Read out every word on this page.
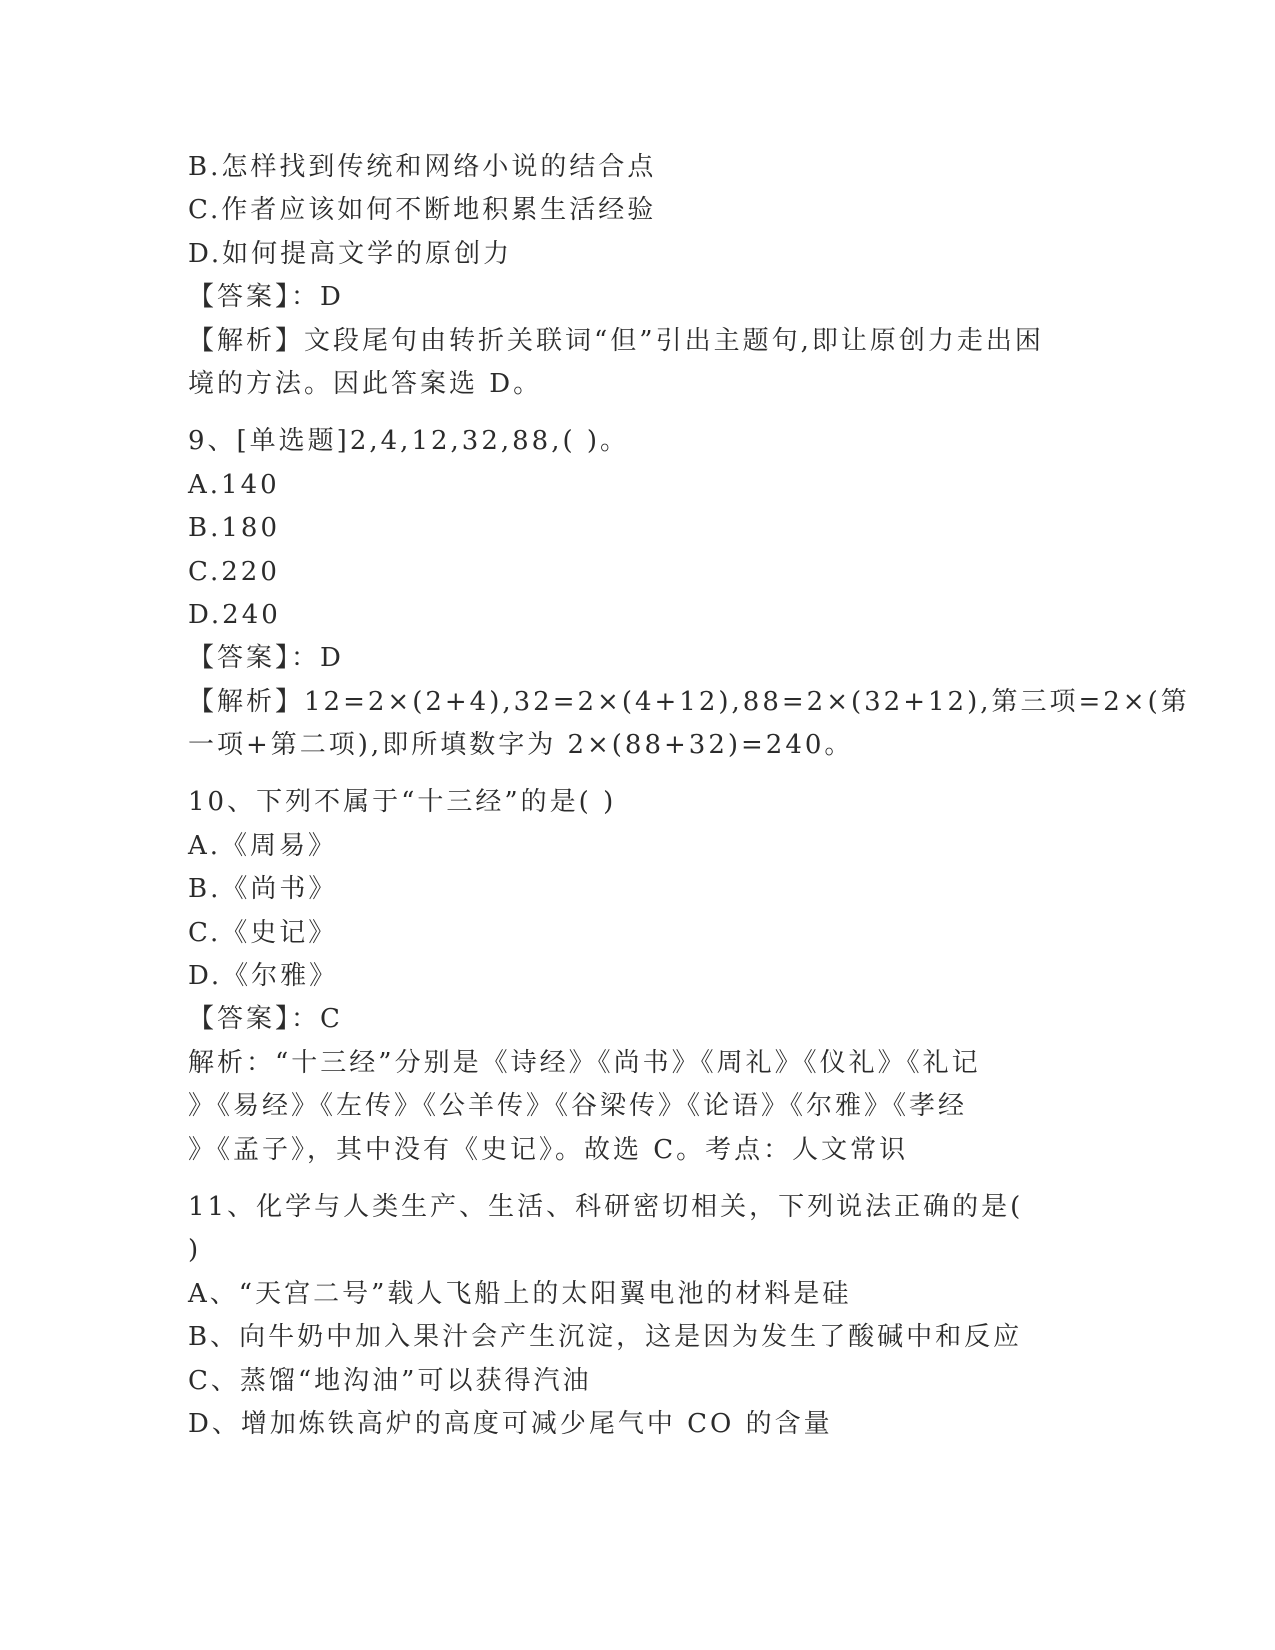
B.怎样找到传统和网络小说的结合点
C.作者应该如何不断地积累生活经验
D.如何提高文学的原创力
【答案】：D
【解析】文段尾句由转折关联词“但”引出主题句,即让原创力走出困
境的方法。因此答案选 D。
9、[单选题]2,4,12,32,88,( )。
A.140
B.180
C.220
D.240
【答案】：D
【解析】12=2×(2+4),32=2×(4+12),88=2×(32+12),第三项=2×(第
一项+第二项),即所填数字为 2×(88+32)=240。
10、下列不属于“十三经”的是( )
A.《周易》
B.《尚书》
C.《史记》
D.《尔雅》
【答案】：C
解析：“十三经”分别是《诗经》《尚书》《周礼》《仪礼》《礼记
》《易经》《左传》《公羊传》《谷梁传》《论语》《尔雅》《孝经
》《孟子》，其中没有《史记》。故选 C。考点：人文常识
11、化学与人类生产、生活、科研密切相关，下列说法正确的是(
)
A、“天宫二号”载人飞船上的太阳翼电池的材料是硅
B、向牛奶中加入果汁会产生沉淀，这是因为发生了酸碱中和反应
C、蒸馏“地沟油”可以获得汽油
D、增加炼铁高炉的高度可减少尾气中 CO 的含量
